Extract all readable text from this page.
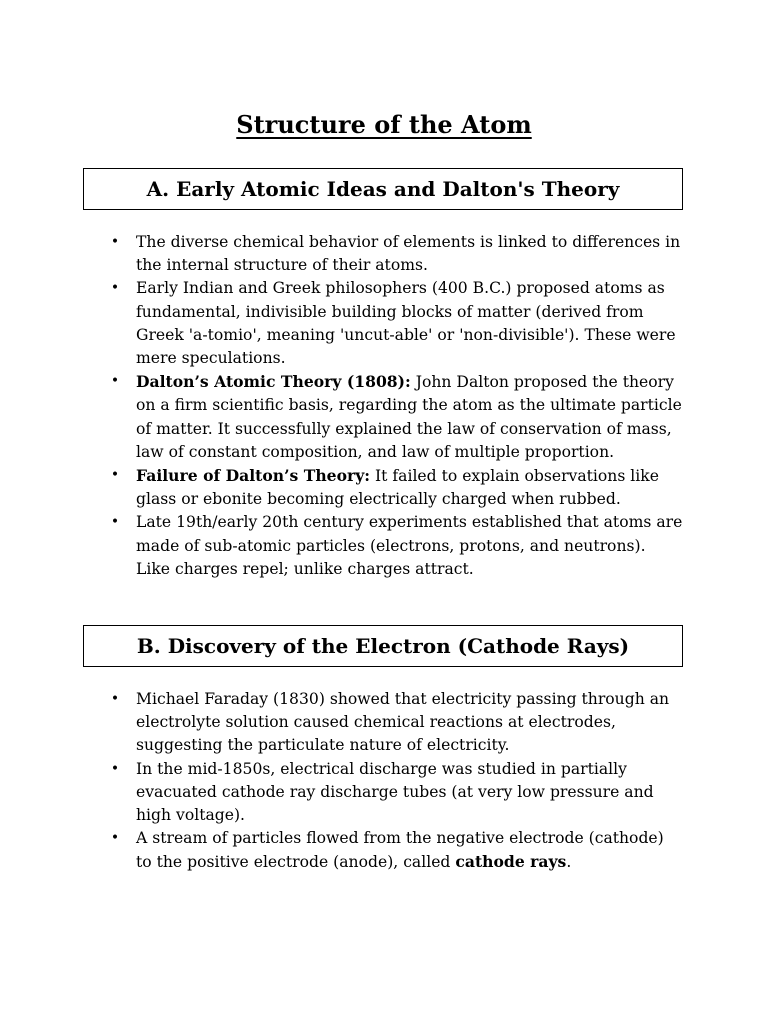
Structure of the Atom
A. Early Atomic Ideas and Dalton's Theory
• The diverse chemical behavior of elements is linked to differences in the internal structure of their atoms.
• Early Indian and Greek philosophers (400 B.C.) proposed atoms as fundamental, indivisible building blocks of matter (derived from Greek 'a-tomio', meaning 'uncut-able' or 'non-divisible'). These were mere speculations.
• Dalton’s Atomic Theory (1808): John Dalton proposed the theory on a firm scientific basis, regarding the atom as the ultimate particle of matter. It successfully explained the law of conservation of mass, law of constant composition, and law of multiple proportion.
• Failure of Dalton’s Theory: It failed to explain observations like glass or ebonite becoming electrically charged when rubbed.
• Late 19th/early 20th century experiments established that atoms are made of sub-atomic particles (electrons, protons, and neutrons). Like charges repel; unlike charges attract.
B. Discovery of the Electron (Cathode Rays)
• Michael Faraday (1830) showed that electricity passing through an electrolyte solution caused chemical reactions at electrodes, suggesting the particulate nature of electricity.
• In the mid-1850s, electrical discharge was studied in partially evacuated cathode ray discharge tubes (at very low pressure and high voltage).
• A stream of particles flowed from the negative electrode (cathode) to the positive electrode (anode), called cathode rays.
